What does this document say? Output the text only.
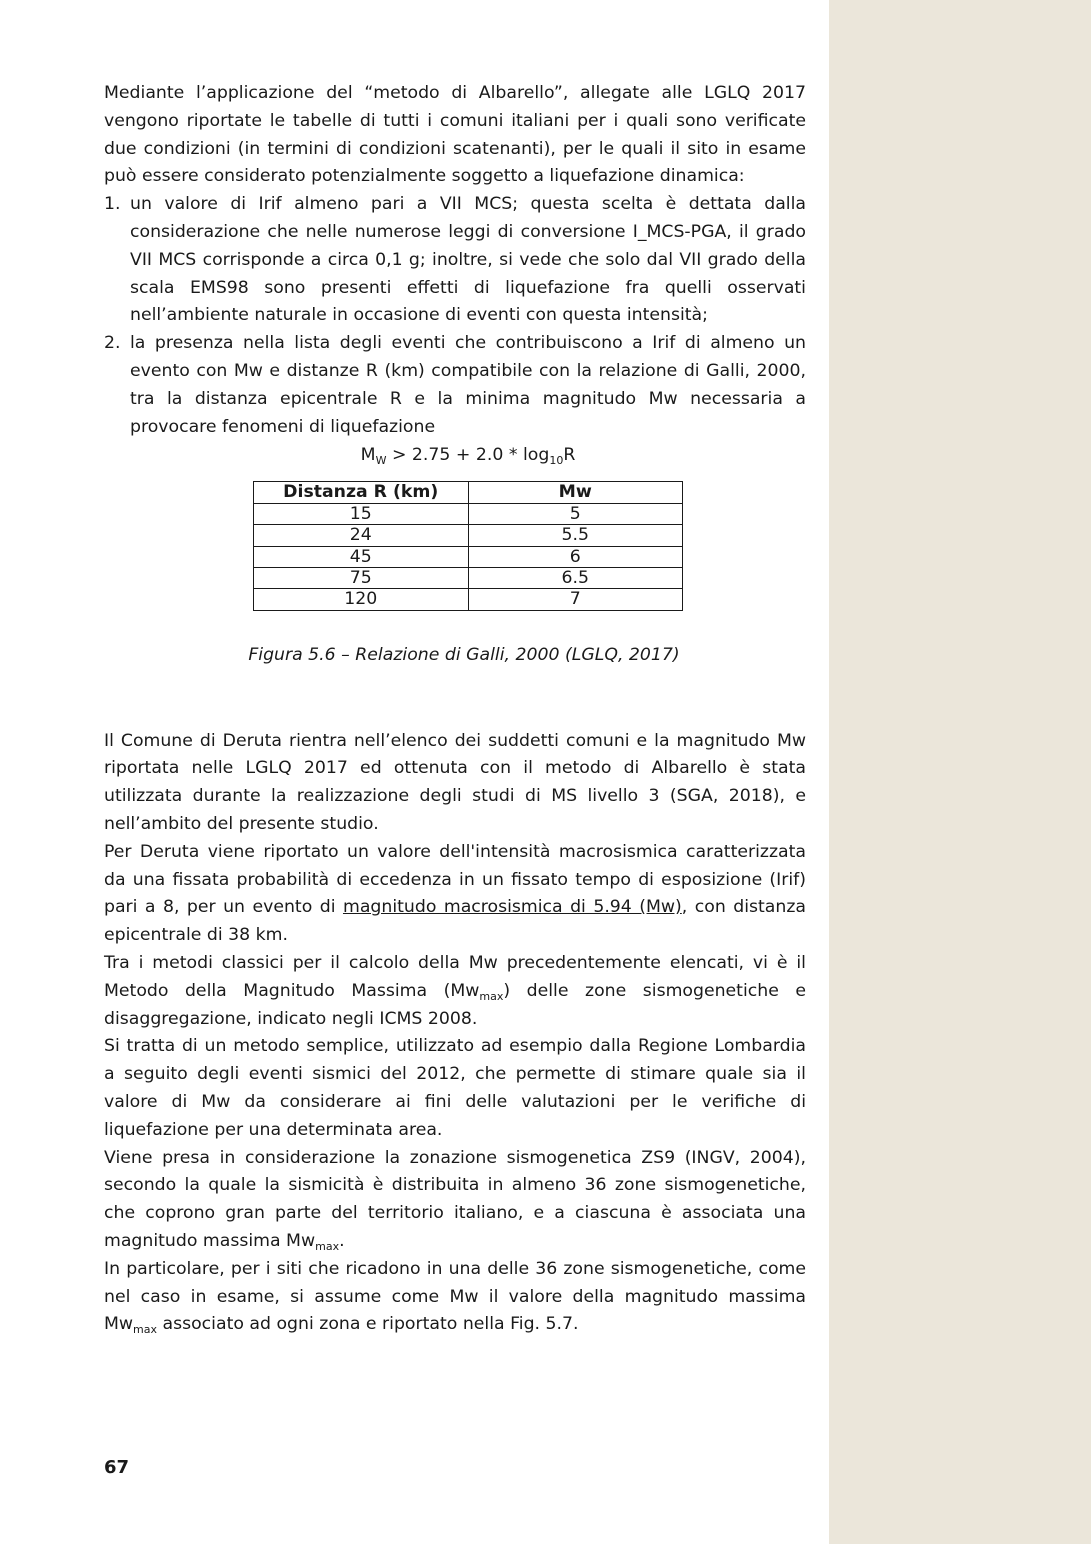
Mediante l’applicazione del “metodo di Albarello”, allegate alle LGLQ 2017 vengono riportate le tabelle di tutti i comuni italiani per i quali sono verificate due condizioni (in termini di condizioni scatenanti), per le quali il sito in esame può essere considerato potenzialmente soggetto a liquefazione dinamica:

1. un valore di Irif almeno pari a VII MCS; questa scelta è dettata dalla considerazione che nelle numerose leggi di conversione I_MCS-PGA, il grado VII MCS corrisponde a circa 0,1 g; inoltre, si vede che solo dal VII grado della scala EMS98 sono presenti effetti di liquefazione fra quelli osservati nell’ambiente naturale in occasione di eventi con questa intensità;
2. la presenza nella lista degli eventi che contribuiscono a Irif di almeno un evento con Mw e distanze R (km) compatibile con la relazione di Galli, 2000, tra la distanza epicentrale R e la minima magnitudo Mw necessaria a provocare fenomeni di liquefazione

$M_W > 2.75 + 2.0 * \log_{10}R$

Distanza R (km)	Mw
15	5
24	5.5
45	6
75	6.5
120	7

Figura 5.6 – Relazione di Galli, 2000 (LGLQ, 2017)

Il Comune di Deruta rientra nell’elenco dei suddetti comuni e la magnitudo Mw riportata nelle LGLQ 2017 ed ottenuta con il metodo di Albarello è stata utilizzata durante la realizzazione degli studi di MS livello 3 (SGA, 2018), e nell’ambito del presente studio.

Per Deruta viene riportato un valore dell'intensità macrosismica caratterizzata da una fissata probabilità di eccedenza in un fissato tempo di esposizione (Irif) pari a 8, per un evento di magnitudo macrosismica di 5.94 (Mw), con distanza epicentrale di 38 km.

Tra i metodi classici per il calcolo della Mw precedentemente elencati, vi è il Metodo della Magnitudo Massima $(Mw_{max})$ delle zone sismogenetiche e disaggregazione, indicato negli ICMS 2008.

Si tratta di un metodo semplice, utilizzato ad esempio dalla Regione Lombardia a seguito degli eventi sismici del 2012, che permette di stimare quale sia il valore di Mw da considerare ai fini delle valutazioni per le verifiche di liquefazione per una determinata area.

Viene presa in considerazione la zonazione sismogenetica ZS9 (INGV, 2004), secondo la quale la sismicità è distribuita in almeno 36 zone sismogenetiche, che coprono gran parte del territorio italiano, e a ciascuna è associata una magnitudo massima $Mw_{max}$.

In particolare, per i siti che ricadono in una delle 36 zone sismogenetiche, come nel caso in esame, si assume come Mw il valore della magnitudo massima $Mw_{max}$ associato ad ogni zona e riportato nella Fig. 5.7.

67
